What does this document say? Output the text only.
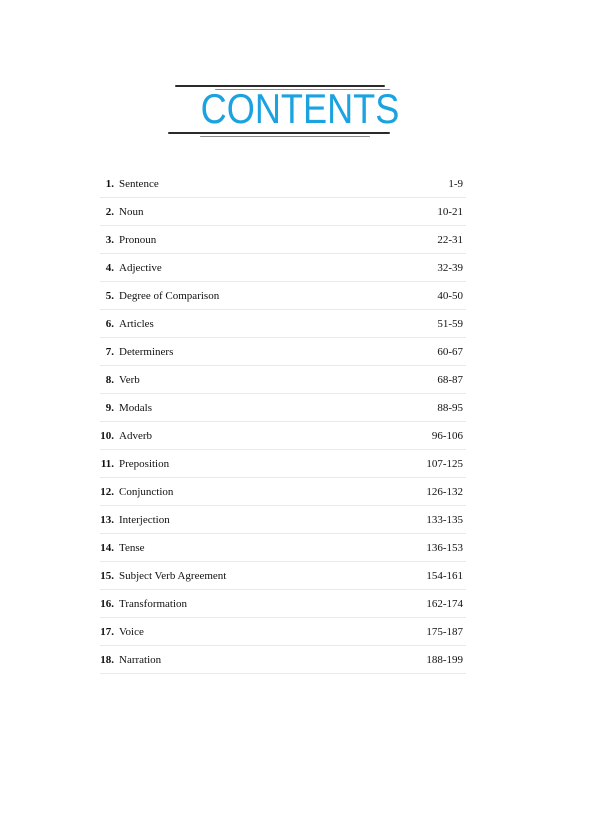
CONTENTS
1. Sentence	1-9
2. Noun	10-21
3. Pronoun	22-31
4. Adjective	32-39
5. Degree of Comparison	40-50
6. Articles	51-59
7. Determiners	60-67
8. Verb	68-87
9. Modals	88-95
10. Adverb	96-106
11. Preposition	107-125
12. Conjunction	126-132
13. Interjection	133-135
14. Tense	136-153
15. Subject Verb Agreement	154-161
16. Transformation	162-174
17. Voice	175-187
18. Narration	188-199
